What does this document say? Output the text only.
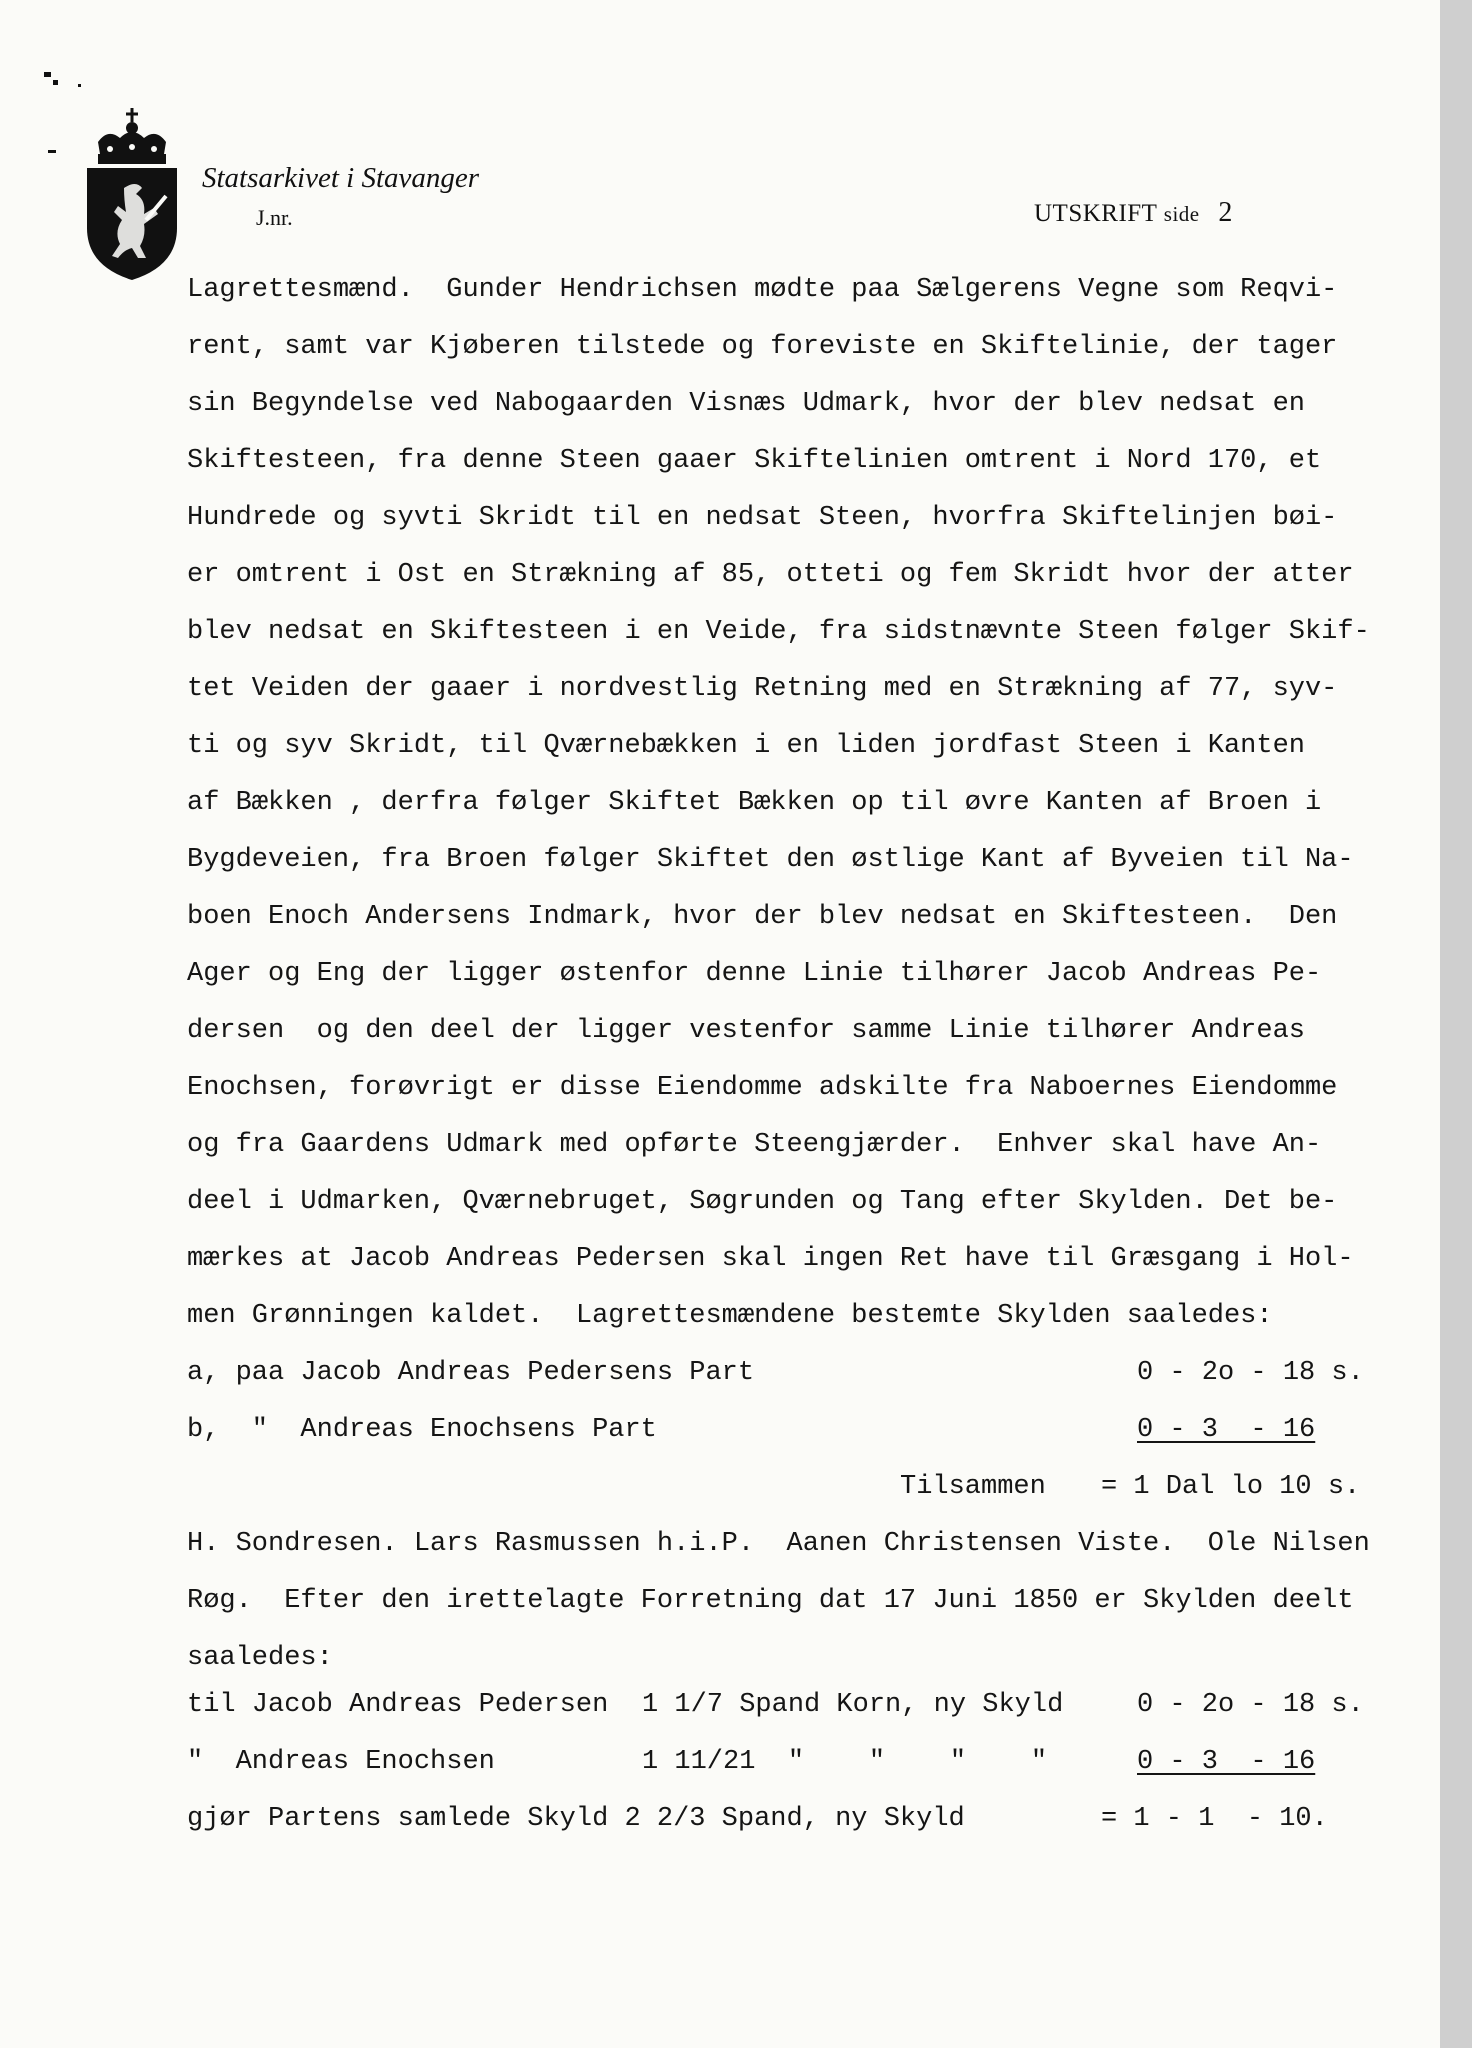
Statsarkivet i Stavanger
J.nr.	UTSKRIFT side 2
Lagrettesmænd.  Gunder Hendrichsen mødte paa Sælgerens Vegne som Reqvi-
rent, samt var Kjøberen tilstede og foreviste en Skiftelinie, der tager
sin Begyndelse ved Nabogaarden Visnæs Udmark, hvor der blev nedsat en
Skiftesteen, fra denne Steen gaaer Skiftelinien omtrent i Nord 170, et
Hundrede og syvti Skridt til en nedsat Steen, hvorfra Skiftelinjen bøi-
er omtrent i Ost en Strækning af 85, otteti og fem Skridt hvor der atter
blev nedsat en Skiftesteen i en Veide, fra sidstnævnte Steen følger Skif-
tet Veiden der gaaer i nordvestlig Retning med en Strækning af 77, syv-
ti og syv Skridt, til Qværnebækken i en liden jordfast Steen i Kanten
af Bækken , derfra følger Skiftet Bækken op til øvre Kanten af Broen i
Bygdeveien, fra Broen følger Skiftet den østlige Kant af Byveien til Na-
boen Enoch Andersens Indmark, hvor der blev nedsat en Skiftesteen.  Den
Ager og Eng der ligger østenfor denne Linie tilhører Jacob Andreas Pe-
dersen  og den deel der ligger vestenfor samme Linie tilhører Andreas
Enochsen, forøvrigt er disse Eiendomme adskilte fra Naboernes Eiendomme
og fra Gaardens Udmark med opførte Steengjærder.  Enhver skal have An-
deel i Udmarken, Qværnebruget, Søgrunden og Tang efter Skylden. Det be-
mærkes at Jacob Andreas Pedersen skal ingen Ret have til Græsgang i Hol-
men Grønningen kaldet.  Lagrettesmændene bestemte Skylden saaledes:
a, paa Jacob Andreas Pedersens Part	0 - 2o - 18 s.
b,  "  Andreas Enochsens Part	0 - 3  - 16
Tilsammen = 1 Dal lo 10 s.
H. Sondresen. Lars Rasmussen h.i.P.  Aanen Christensen Viste.  Ole Nilsen
Røg.  Efter den irettelagte Forretning dat 17 Juni 1850 er Skylden deelt
saaledes:
til Jacob Andreas Pedersen 1 1/7 Spand Korn, ny Skyld	0 - 2o - 18 s.
"  Andreas Enochsen	1 11/21  "    "    "    "	0 - 3  - 16
gjør Partens samlede Skyld 2 2/3 Spand, ny Skyld	= 1 - 1  - 10.
